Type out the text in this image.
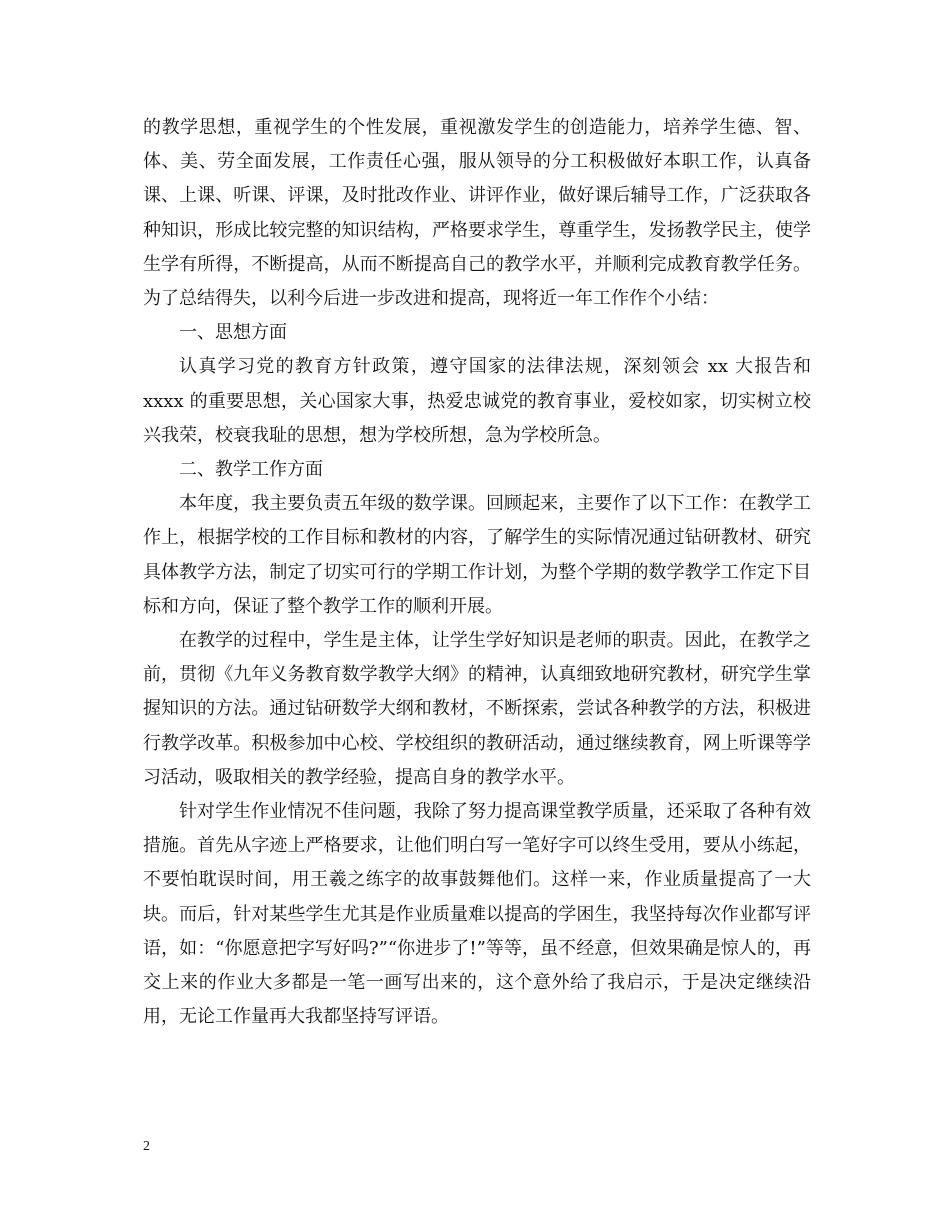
的教学思想，重视学生的个性发展，重视激发学生的创造能力，培养学生德、智、体、美、劳全面发展，工作责任心强，服从领导的分工积极做好本职工作，认真备课、上课、听课、评课，及时批改作业、讲评作业，做好课后辅导工作，广泛获取各种知识，形成比较完整的知识结构，严格要求学生，尊重学生，发扬教学民主，使学生学有所得，不断提高，从而不断提高自己的教学水平，并顺利完成教育教学任务。为了总结得失，以利今后进一步改进和提高，现将近一年工作作个小结：

一、思想方面

认真学习党的教育方针政策，遵守国家的法律法规，深刻领会 xx 大报告和 xxxx 的重要思想，关心国家大事，热爱忠诚党的教育事业，爱校如家，切实树立校兴我荣，校衰我耻的思想，想为学校所想，急为学校所急。

二、教学工作方面

本年度，我主要负责五年级的数学课。回顾起来，主要作了以下工作：在教学工作上，根据学校的工作目标和教材的内容，了解学生的实际情况通过钻研教材、研究具体教学方法，制定了切实可行的学期工作计划，为整个学期的数学教学工作定下目标和方向，保证了整个教学工作的顺利开展。

在教学的过程中，学生是主体，让学生学好知识是老师的职责。因此，在教学之前，贯彻《九年义务教育数学教学大纲》的精神，认真细致地研究教材，研究学生掌握知识的方法。通过钻研数学大纲和教材，不断探索，尝试各种教学的方法，积极进行教学改革。积极参加中心校、学校组织的教研活动，通过继续教育，网上听课等学习活动，吸取相关的教学经验，提高自身的教学水平。

针对学生作业情况不佳问题，我除了努力提高课堂教学质量，还采取了各种有效措施。首先从字迹上严格要求，让他们明白写一笔好字可以终生受用，要从小练起，不要怕耽误时间，用王羲之练字的故事鼓舞他们。这样一来，作业质量提高了一大块。而后，针对某些学生尤其是作业质量难以提高的学困生，我坚持每次作业都写评语，如：“你愿意把字写好吗?”“你进步了!”等等，虽不经意，但效果确是惊人的，再交上来的作业大多都是一笔一画写出来的，这个意外给了我启示，于是决定继续沿用，无论工作量再大我都坚持写评语。

2
